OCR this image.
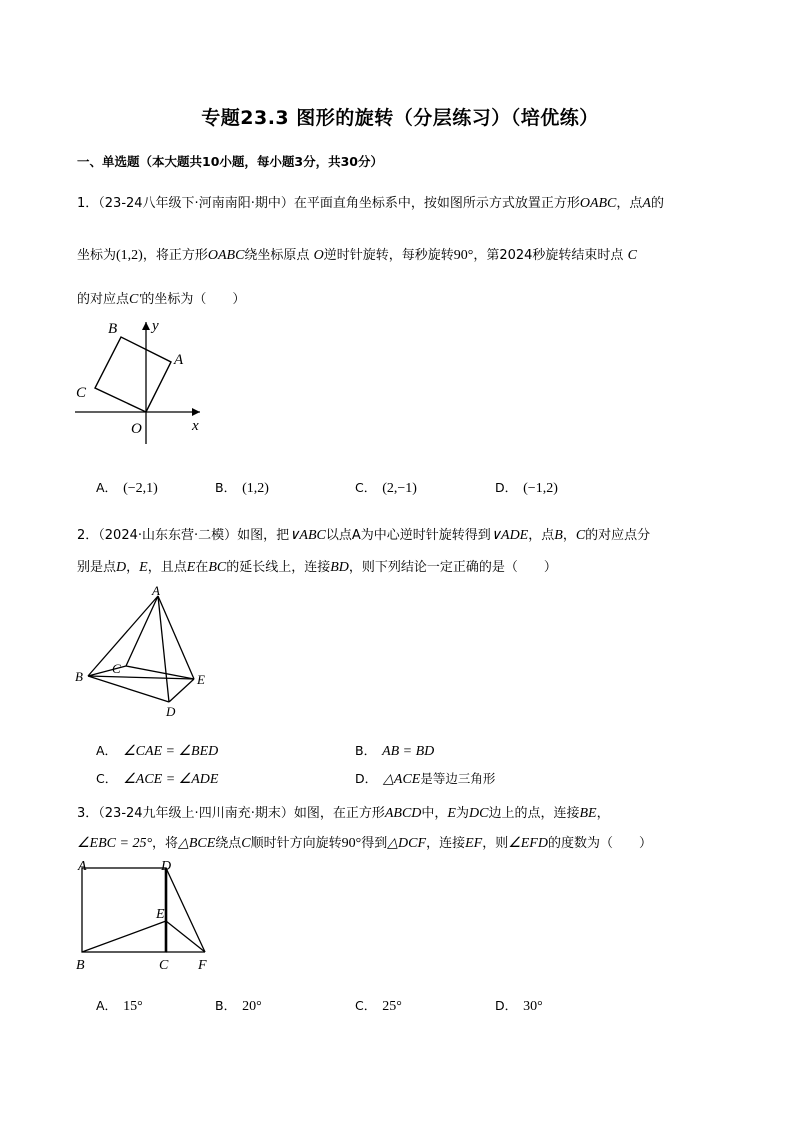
专题23.3 图形的旋转（分层练习）（培优练）
一、单选题（本大题共10小题，每小题3分，共30分）
1．（23-24八年级下·河南南阳·期中）在平面直角坐标系中，按如图所示方式放置正方形OABC，点A的
坐标为(1,2)，将正方形OABC绕坐标原点 O逆时针旋转，每秒旋转90°，第2024秒旋转结束时点 C
的对应点C′的坐标为（　　）
B
A
C
O
y
x
A． (−2,1)	B． (1,2)	C． (2,−1)	D． (−1,2)
2．（2024·山东东营·二模）如图，把∨ABC以点A为中心逆时针旋转得到∨ADE，点B，C的对应点分
别是点D，E，且点E在BC的延长线上，连接BD，则下列结论一定正确的是（　　）
A
B
C
E
D
A． ∠CAE = ∠BED	B． AB = BD
C． ∠ACE = ∠ADE	D． △ACE是等边三角形
3．（23-24九年级上·四川南充·期末）如图，在正方形ABCD中，E为DC边上的点，连接BE，
∠EBC = 25°，将△BCE绕点C顺时针方向旋转90°得到△DCF，连接EF，则∠EFD的度数为（　　）
A	D
E
B	C F
A． 15°	B． 20°	C． 25°	D． 30°
